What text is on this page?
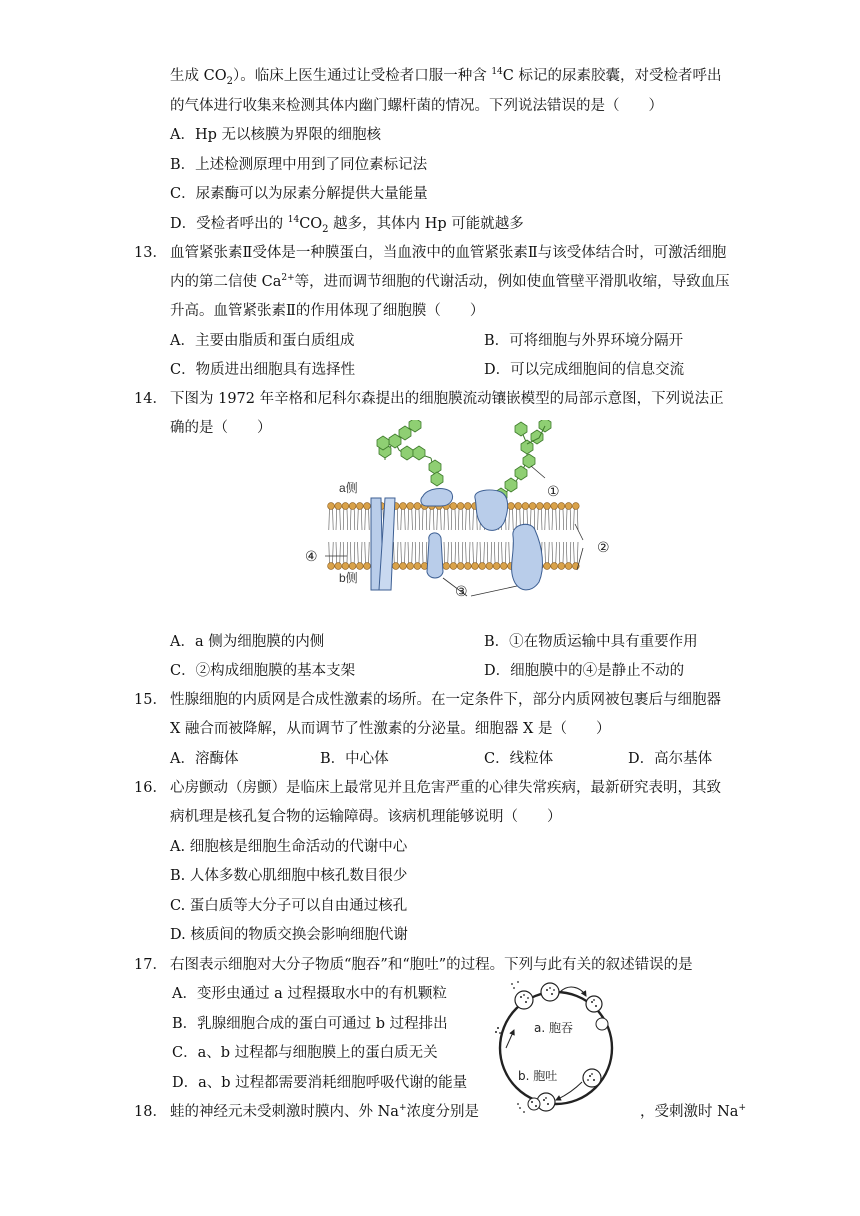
生成 $CO_2$）。临床上医生通过让受检者口服一种含 $^{14}$C 标记的尿素胶囊，对受检者呼出
的气体进行收集来检测其体内幽门螺杆菌的情况。下列说法错误的是（　　）
A．Hp 无以核膜为界限的细胞核
B．上述检测原理中用到了同位素标记法
C．尿素酶可以为尿素分解提供大量能量
D．受检者呼出的 $^{14}CO_2$ 越多，其体内 Hp 可能就越多
13． 血管紧张素Ⅱ受体是一种膜蛋白，当血液中的血管紧张素Ⅱ与该受体结合时，可激活细胞
内的第二信使 $Ca^{2+}$等，进而调节细胞的代谢活动，例如使血管壁平滑肌收缩，导致血压
升高。血管紧张素Ⅱ的作用体现了细胞膜（　　）
A．主要由脂质和蛋白质组成	B．可将细胞与外界环境分隔开
C．物质进出细胞具有选择性	D．可以完成细胞间的信息交流
14． 下图为 1972 年辛格和尼科尔森提出的细胞膜流动镶嵌模型的局部示意图，下列说法正
确的是（　　）
a侧
b侧
①
②
③
④
A．a 侧为细胞膜的内侧	B．①在物质运输中具有重要作用
C．②构成细胞膜的基本支架	D．细胞膜中的④是静止不动的
15． 性腺细胞的内质网是合成性激素的场所。在一定条件下，部分内质网被包裹后与细胞器
X 融合而被降解，从而调节了性激素的分泌量。细胞器 X 是（　　）
A．溶酶体	B．中心体	C．线粒体	D．高尔基体
16． 心房颤动（房颤）是临床上最常见并且危害严重的心律失常疾病，最新研究表明，其致
病机理是核孔复合物的运输障碍。该病机理能够说明（　　）
A. 细胞核是细胞生命活动的代谢中心
B. 人体多数心肌细胞中核孔数目很少
C. 蛋白质等大分子可以自由通过核孔
D. 核质间的物质交换会影响细胞代谢
17． 右图表示细胞对大分子物质“胞吞”和“胞吐”的过程。下列与此有关的叙述错误的是
A．变形虫通过 a 过程摄取水中的有机颗粒
B．乳腺细胞合成的蛋白可通过 b 过程排出
C．a、b 过程都与细胞膜上的蛋白质无关
D．a、b 过程都需要消耗细胞呼吸代谢的能量
a. 胞吞
b. 胞吐
18． 蛙的神经元未受刺激时膜内、外 Na+浓度分别是	，受刺激时 Na+
